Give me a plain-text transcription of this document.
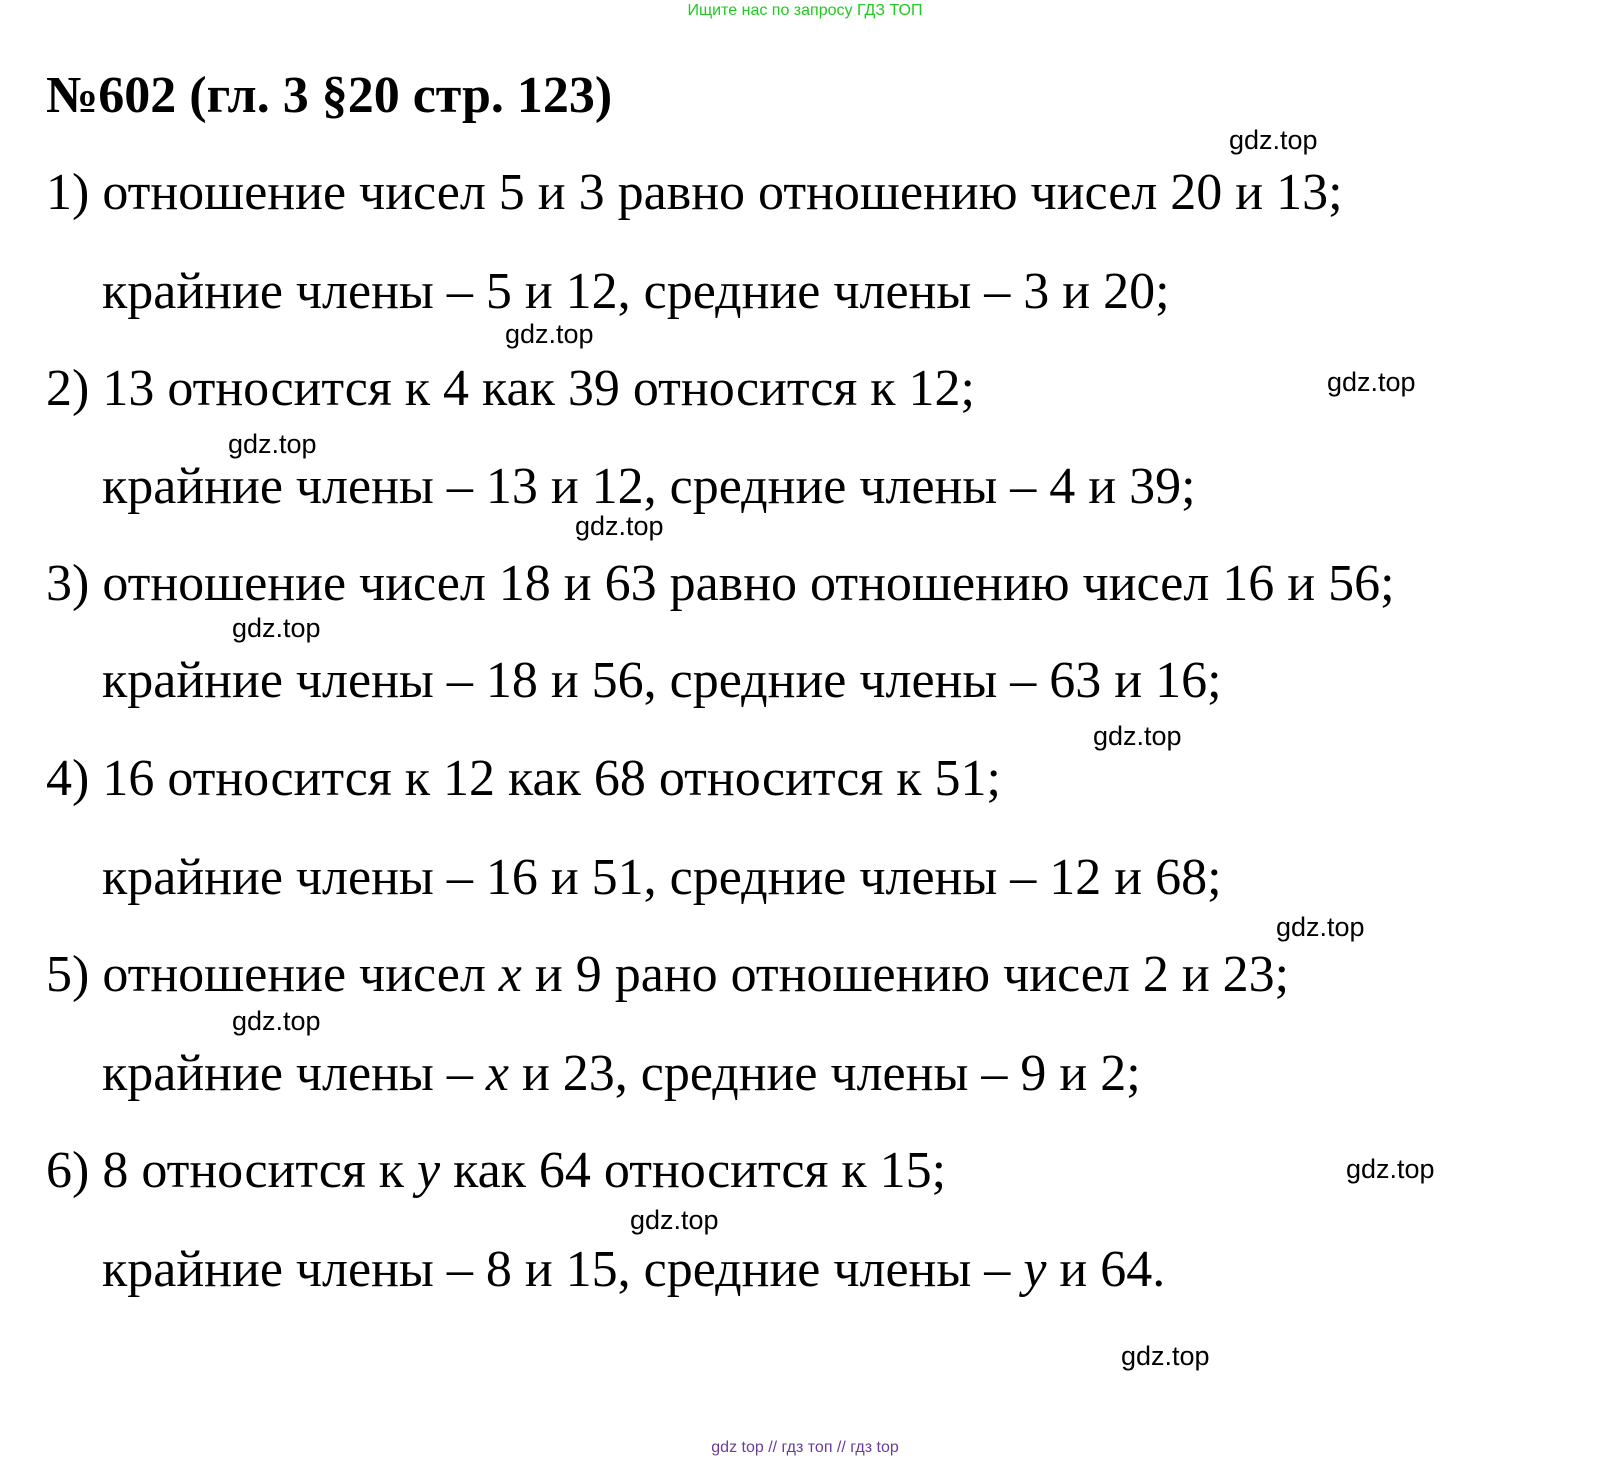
Ищите нас по запросу ГДЗ ТОП
№602 (гл. 3 §20 стр. 123)
1) отношение чисел 5 и 3 равно отношению чисел 20 и 13;
крайние члены – 5 и 12, средние члены – 3 и 20;
2) 13 относится к 4 как 39 относится к 12;
крайние члены – 13 и 12, средние члены – 4 и 39;
3) отношение чисел 18 и 63 равно отношению чисел 16 и 56;
крайние члены – 18 и 56, средние члены – 63 и 16;
4) 16 относится к 12 как 68 относится к 51;
крайние члены – 16 и 51, средние члены – 12 и 68;
5) отношение чисел x и 9 рано отношению чисел 2 и 23;
крайние члены – x и 23, средние члены – 9 и 2;
6) 8 относится к y как 64 относится к 15;
крайние члены – 8 и 15, средние члены – y и 64.
gdz.top
gdz.top
gdz.top
gdz.top
gdz.top
gdz.top
gdz.top
gdz.top
gdz.top
gdz.top
gdz.top
gdz.top
gdz top // гдз топ // гдз top
